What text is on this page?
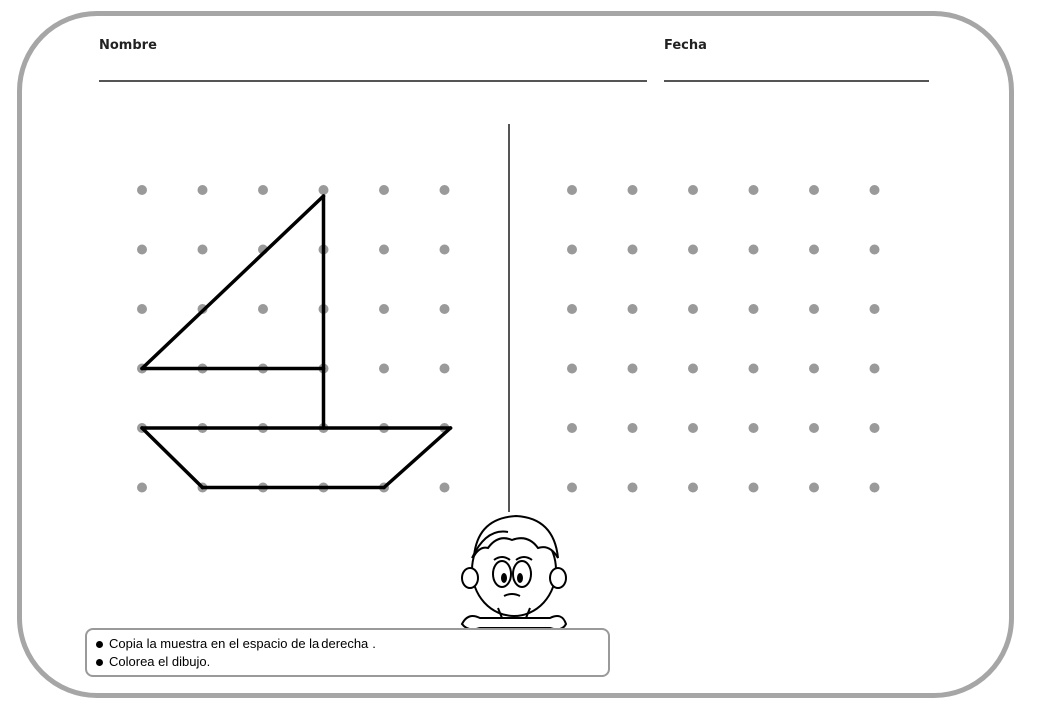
Nombre	Fecha
Copia la muestra en el espacio de la derecha .
Colorea el dibujo.
